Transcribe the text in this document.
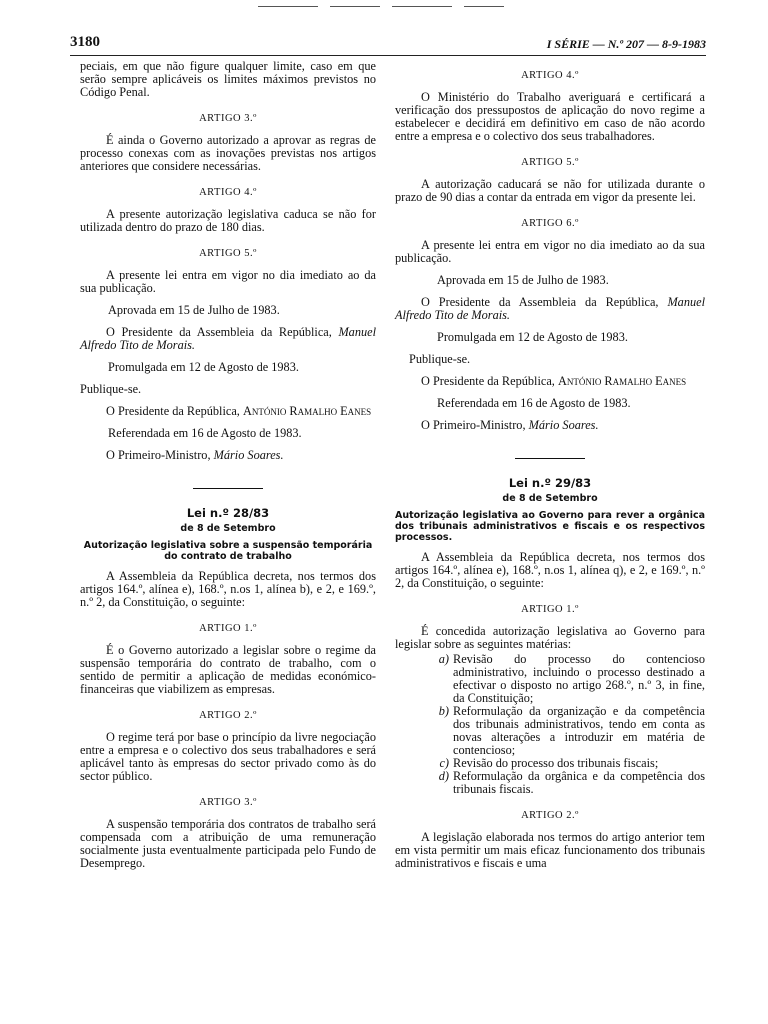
3180	I SÉRIE — N.º 207 — 8-9-1983

peciais, em que não figure qualquer limite, caso em que serão sempre aplicáveis os limites máximos previstos no Código Penal.

ARTIGO 3.º

É ainda o Governo autorizado a aprovar as regras de processo conexas com as inovações previstas nos artigos anteriores que considere necessárias.

ARTIGO 4.º

A presente autorização legislativa caduca se não for utilizada dentro do prazo de 180 dias.

ARTIGO 5.º

A presente lei entra em vigor no dia imediato ao da sua publicação.

Aprovada em 15 de Julho de 1983.

O Presidente da Assembleia da República, Manuel Alfredo Tito de Morais.

Promulgada em 12 de Agosto de 1983.

Publique-se.

O Presidente da República, António Ramalho Eanes

Referendada em 16 de Agosto de 1983.

O Primeiro-Ministro, Mário Soares.

Lei n.º 28/83
de 8 de Setembro
Autorização legislativa sobre a suspensão temporária do contrato de trabalho

A Assembleia da República decreta, nos termos dos artigos 164.º, alínea e), 168.º, n.os 1, alínea b), e 2, e 169.º, n.º 2, da Constituição, o seguinte:

ARTIGO 1.º

É o Governo autorizado a legislar sobre o regime da suspensão temporária do contrato de trabalho, com o sentido de permitir a aplicação de medidas económico-financeiras que viabilizem as empresas.

ARTIGO 2.º

O regime terá por base o princípio da livre negociação entre a empresa e o colectivo dos seus trabalhadores e será aplicável tanto às empresas do sector privado como às do sector público.

ARTIGO 3.º

A suspensão temporária dos contratos de trabalho será compensada com a atribuição de uma remuneração socialmente justa eventualmente participada pelo Fundo de Desemprego.

ARTIGO 4.º

O Ministério do Trabalho averiguará e certificará a verificação dos pressupostos de aplicação do novo regime a estabelecer e decidirá em definitivo em caso de não acordo entre a empresa e o colectivo dos seus trabalhadores.

ARTIGO 5.º

A autorização caducará se não for utilizada durante o prazo de 90 dias a contar da entrada em vigor da presente lei.

ARTIGO 6.º

A presente lei entra em vigor no dia imediato ao da sua publicação.

Aprovada em 15 de Julho de 1983.

O Presidente da Assembleia da República, Manuel Alfredo Tito de Morais.

Promulgada em 12 de Agosto de 1983.

Publique-se.

O Presidente da República, António Ramalho Eanes

Referendada em 16 de Agosto de 1983.

O Primeiro-Ministro, Mário Soares.

Lei n.º 29/83
de 8 de Setembro
Autorização legislativa ao Governo para rever a orgânica dos tribunais administrativos e fiscais e os respectivos processos.

A Assembleia da República decreta, nos termos dos artigos 164.º, alínea e), 168.º, n.os 1, alínea q), e 2, e 169.º, n.º 2, da Constituição, o seguinte:

ARTIGO 1.º

É concedida autorização legislativa ao Governo para legislar sobre as seguintes matérias:

a) Revisão do processo do contencioso administrativo, incluindo o processo destinado a efectivar o disposto no artigo 268.º, n.º 3, in fine, da Constituição;
b) Reformulação da organização e da competência dos tribunais administrativos, tendo em conta as novas alterações a introduzir em matéria de contencioso;
c) Revisão do processo dos tribunais fiscais;
d) Reformulação da orgânica e da competência dos tribunais fiscais.
ARTIGO 2.º

A legislação elaborada nos termos do artigo anterior tem em vista permitir um mais eficaz funcionamento dos tribunais administrativos e fiscais e uma
